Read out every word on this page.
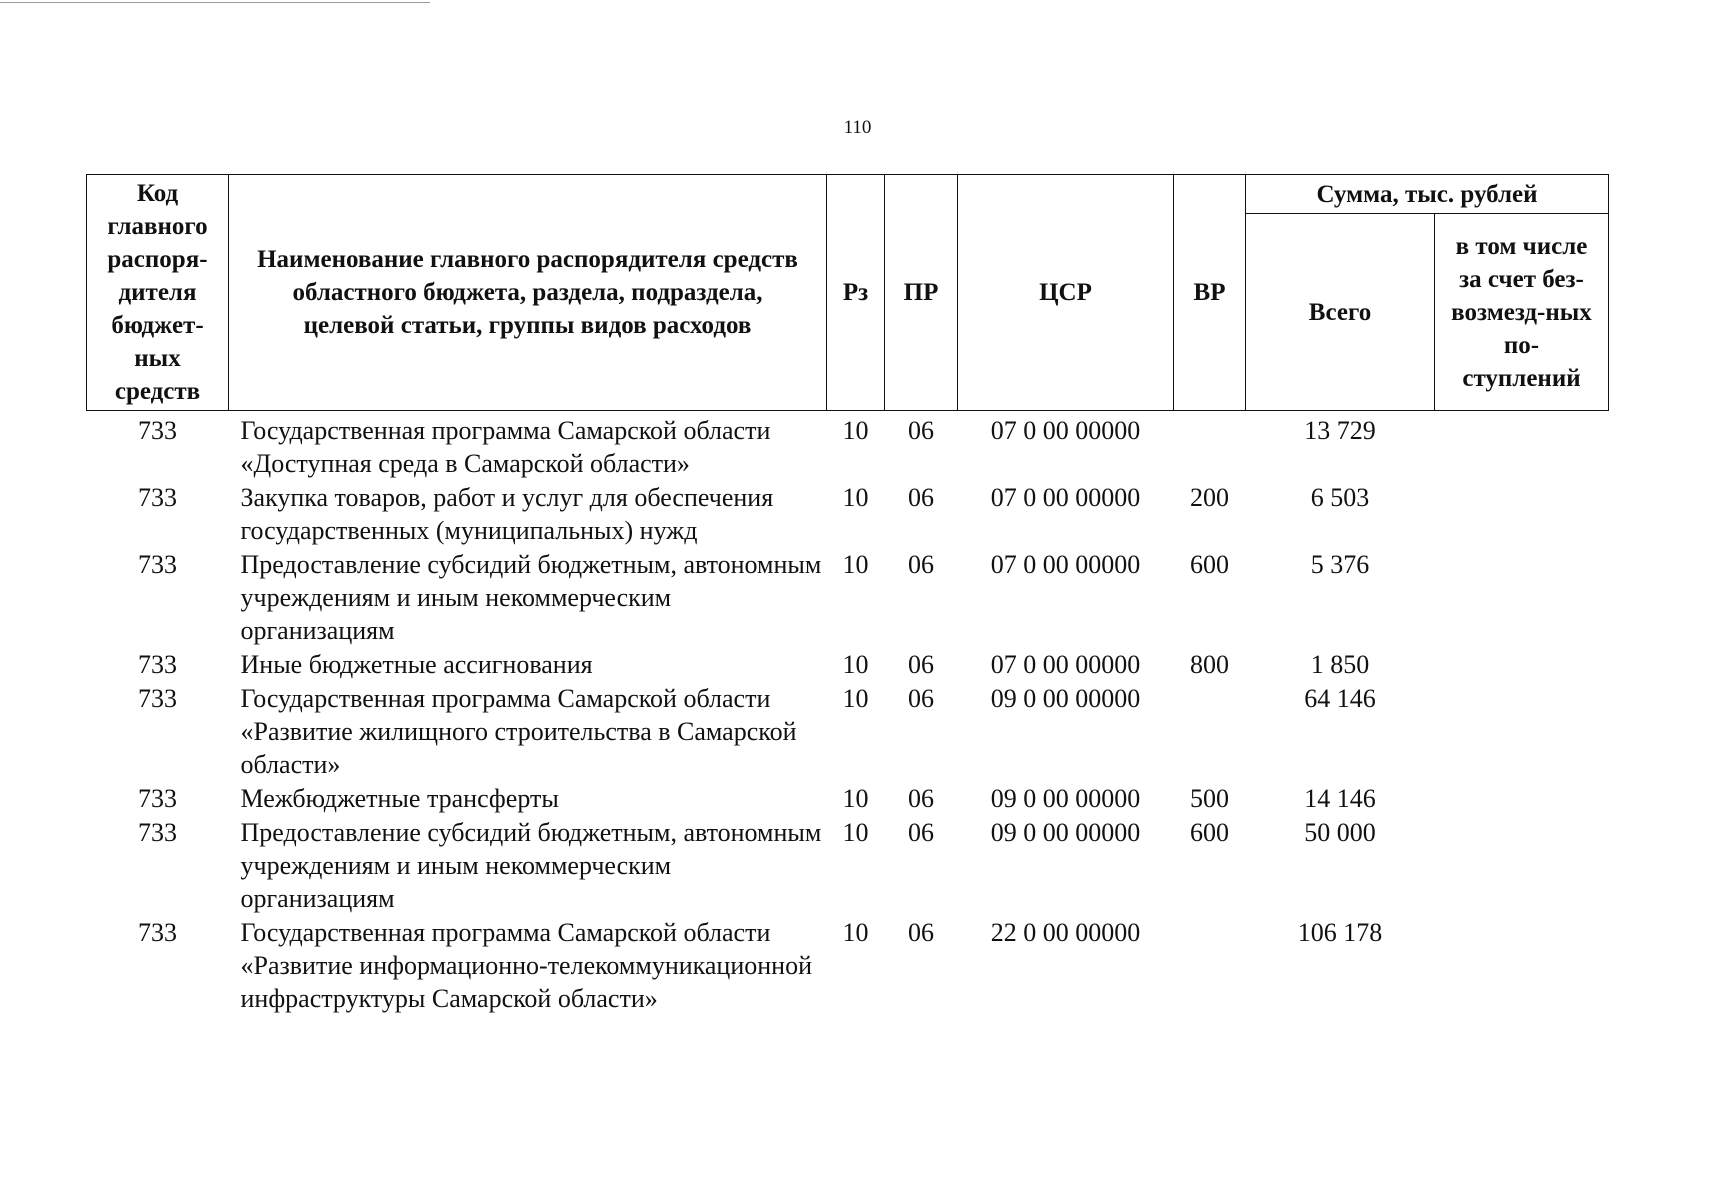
110
Код главного распоря-дителя бюджет-ных средств	Наименование главного распорядителя средств областного бюджета, раздела, подраздела, целевой статьи, группы видов расходов	Рз	ПР	ЦСР	ВР	Сумма, тыс. рублей	
						Всего	в том числе за счет без-возмезд-ных по-ступлений

733	Государственная программа Самарской области «Доступная среда в Самарской области»	10	06	07 0 00 00000		13 729	
733	Закупка товаров, работ и услуг для обеспечения государственных (муниципальных) нужд	10	06	07 0 00 00000	200	6 503	
733	Предоставление субсидий бюджетным, автономным учреждениям и иным некоммерческим организациям	10	06	07 0 00 00000	600	5 376	
733	Иные бюджетные ассигнования	10	06	07 0 00 00000	800	1 850	
733	Государственная программа Самарской области «Развитие жилищного строительства в Самарской области»	10	06	09 0 00 00000		64 146	
733	Межбюджетные трансферты	10	06	09 0 00 00000	500	14 146	
733	Предоставление субсидий бюджетным, автономным учреждениям и иным некоммерческим организациям	10	06	09 0 00 00000	600	50 000	
733	Государственная программа Самарской области «Развитие информационно-телекоммуникационной инфраструктуры Самарской области»	10	06	22 0 00 00000		106 178	
